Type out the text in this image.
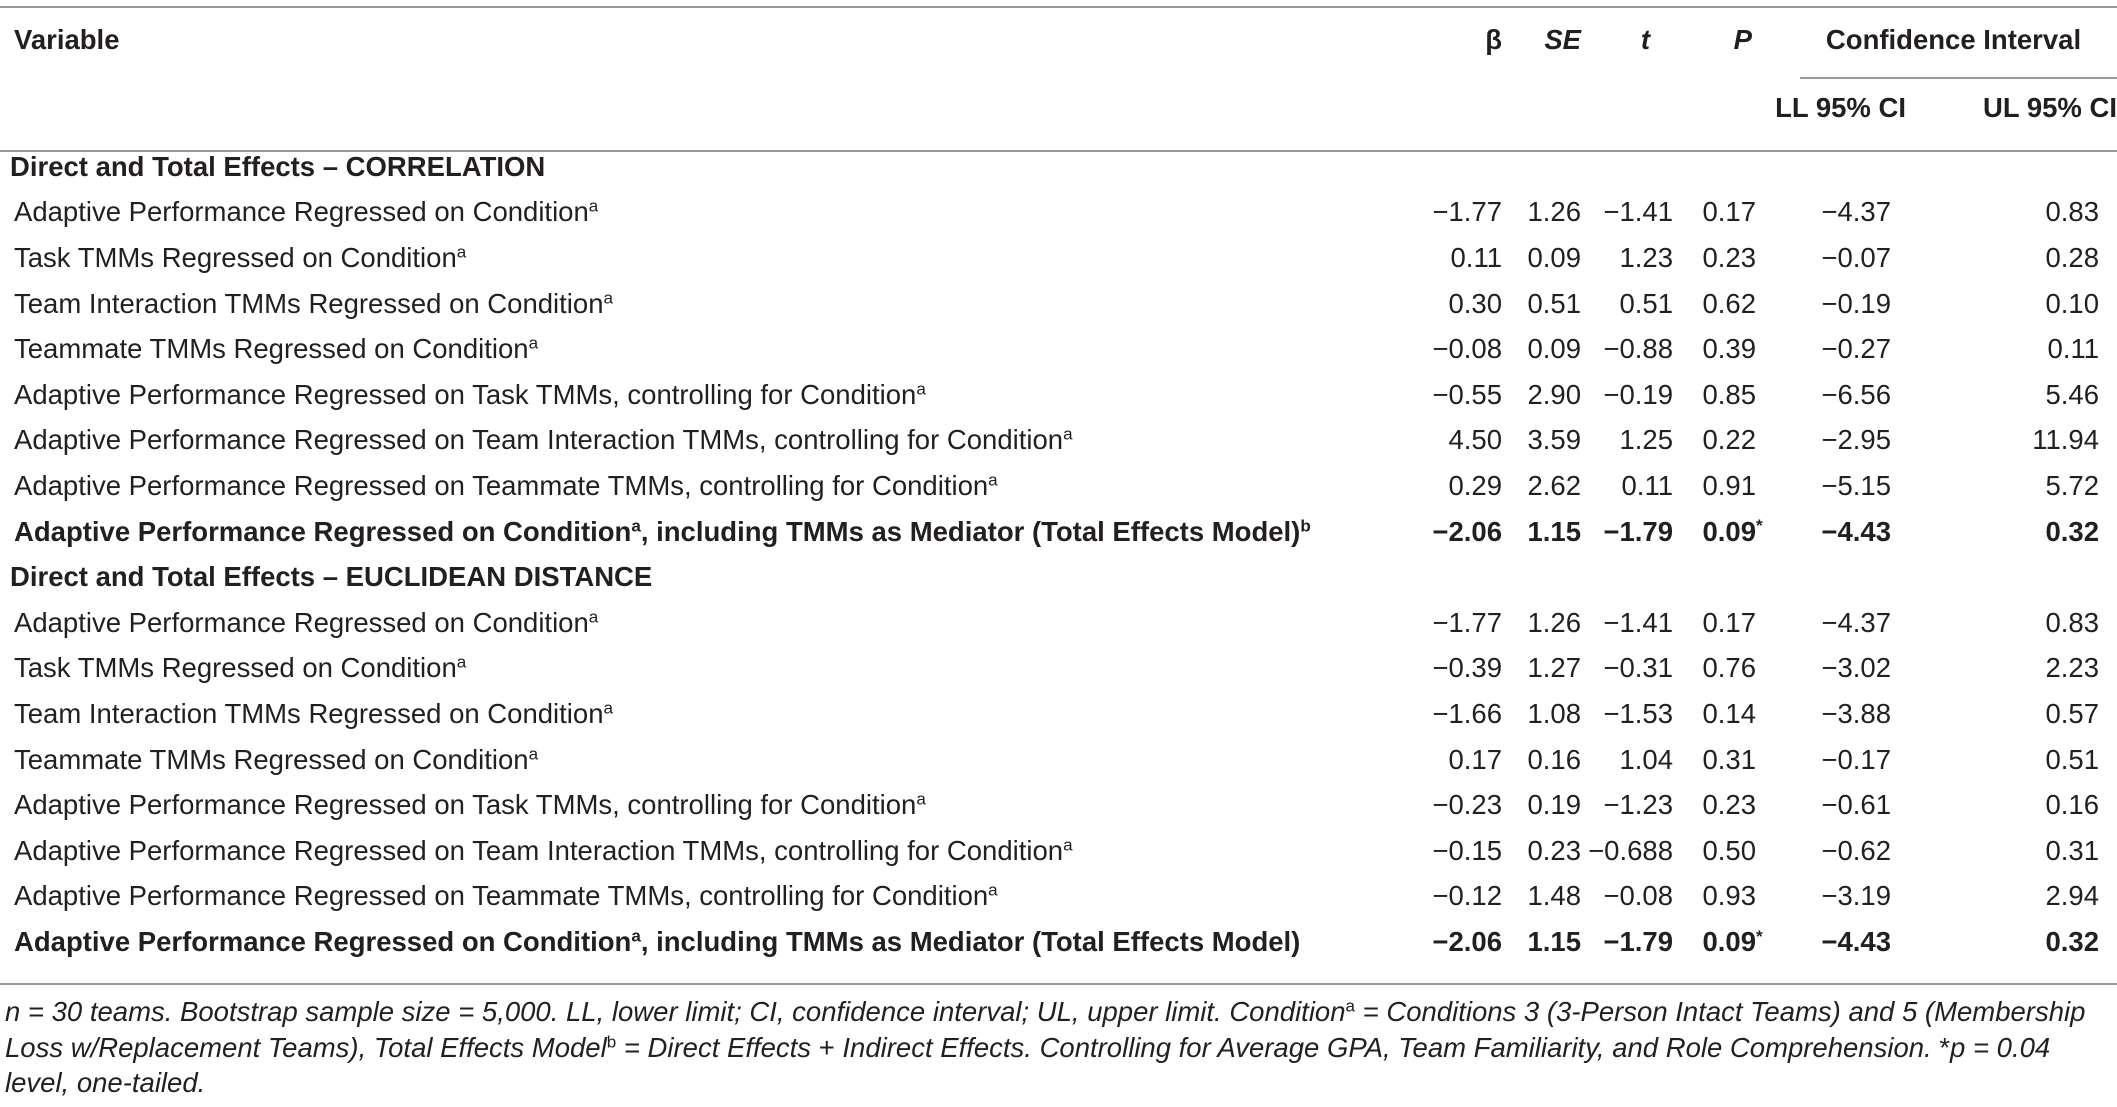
Variable	β	SE	t	P	Confidence Interval
					LL 95% CI	UL 95% CI
Direct and Total Effects – CORRELATION
Adaptive Performance Regressed on Condition$^a$	−1.77	1.26	−1.41	0.17	−4.37	0.83
Task TMMs Regressed on Condition$^a$	0.11	0.09	1.23	0.23	−0.07	0.28
Team Interaction TMMs Regressed on Condition$^a$	0.30	0.51	0.51	0.62	−0.19	0.10
Teammate TMMs Regressed on Condition$^a$	−0.08	0.09	−0.88	0.39	−0.27	0.11
Adaptive Performance Regressed on Task TMMs, controlling for Condition$^a$	−0.55	2.90	−0.19	0.85	−6.56	5.46
Adaptive Performance Regressed on Team Interaction TMMs, controlling for Condition$^a$	4.50	3.59	1.25	0.22	−2.95	11.94
Adaptive Performance Regressed on Teammate TMMs, controlling for Condition$^a$	0.29	2.62	0.11	0.91	−5.15	5.72
Adaptive Performance Regressed on Condition$^a$, including TMMs as Mediator (Total Effects Model)$^b$	−2.06	1.15	−1.79	0.09*	−4.43	0.32
Direct and Total Effects – EUCLIDEAN DISTANCE
Adaptive Performance Regressed on Condition$^a$	−1.77	1.26	−1.41	0.17	−4.37	0.83
Task TMMs Regressed on Condition$^a$	−0.39	1.27	−0.31	0.76	−3.02	2.23
Team Interaction TMMs Regressed on Condition$^a$	−1.66	1.08	−1.53	0.14	−3.88	0.57
Teammate TMMs Regressed on Condition$^a$	0.17	0.16	1.04	0.31	−0.17	0.51
Adaptive Performance Regressed on Task TMMs, controlling for Condition$^a$	−0.23	0.19	−1.23	0.23	−0.61	0.16
Adaptive Performance Regressed on Team Interaction TMMs, controlling for Condition$^a$	−0.15	0.23	−0.688	0.50	−0.62	0.31
Adaptive Performance Regressed on Teammate TMMs, controlling for Condition$^a$	−0.12	1.48	−0.08	0.93	−3.19	2.94
Adaptive Performance Regressed on Condition$^a$, including TMMs as Mediator (Total Effects Model)	−2.06	1.15	−1.79	0.09*	−4.43	0.32
n = 30 teams. Bootstrap sample size = 5,000. LL, lower limit; CI, confidence interval; UL, upper limit. Condition$^a$ = Conditions 3 (3-Person Intact Teams) and 5 (Membership Loss w/Replacement Teams), Total Effects Model$^b$ = Direct Effects + Indirect Effects. Controlling for Average GPA, Team Familiarity, and Role Comprehension. *p = 0.04 level, one-tailed.
